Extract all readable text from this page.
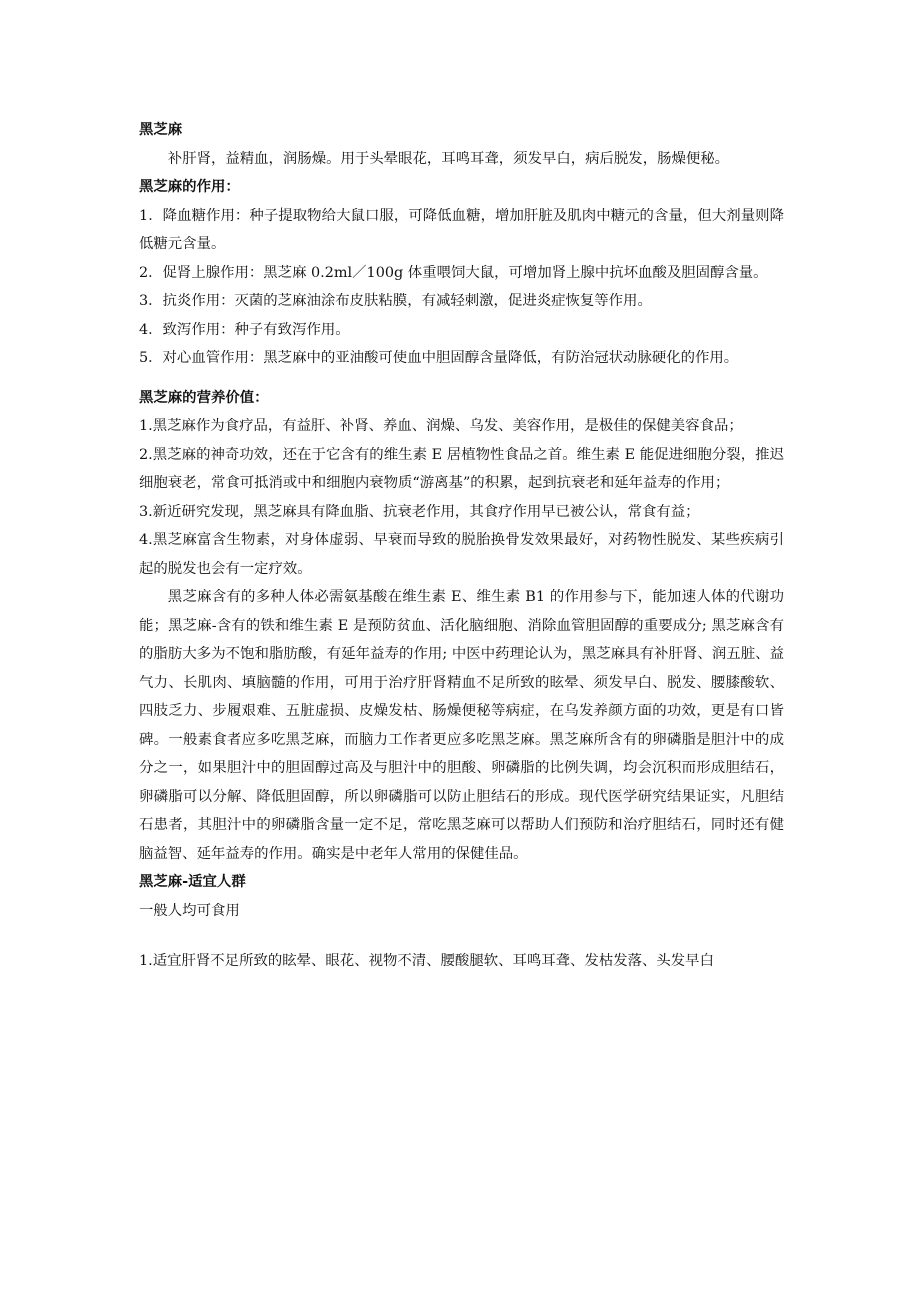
黑芝麻

补肝肾，益精血，润肠燥。用于头晕眼花，耳鸣耳聋，须发早白，病后脱发，肠燥便秘。

黑芝麻的作用：

1．降血糖作用：种子提取物给大鼠口服，可降低血糖，增加肝脏及肌肉中糖元的含量，但大剂量则降低糖元含量。

2．促肾上腺作用：黑芝麻 0.2ml／100g 体重喂饲大鼠，可增加肾上腺中抗坏血酸及胆固醇含量。

3．抗炎作用：灭菌的芝麻油涂布皮肤粘膜，有减轻刺激，促进炎症恢复等作用。

4．致泻作用：种子有致泻作用。

5．对心血管作用：黑芝麻中的亚油酸可使血中胆固醇含量降低，有防治冠状动脉硬化的作用。

黑芝麻的营养价值：

1.黑芝麻作为食疗品，有益肝、补肾、养血、润燥、乌发、美容作用，是极佳的保健美容食品；

2.黑芝麻的神奇功效，还在于它含有的维生素 E 居植物性食品之首。维生素 E 能促进细胞分裂，推迟细胞衰老，常食可抵消或中和细胞内衰物质“游离基”的积累，起到抗衰老和延年益寿的作用；

3.新近研究发现，黑芝麻具有降血脂、抗衰老作用，其食疗作用早已被公认，常食有益；

4.黑芝麻富含生物素，对身体虚弱、早衰而导致的脱胎换骨发效果最好，对药物性脱发、某些疾病引起的脱发也会有一定疗效。

黑芝麻含有的多种人体必需氨基酸在维生素 E、维生素 B1 的作用参与下，能加速人体的代谢功能；黑芝麻-含有的铁和维生素 E 是预防贫血、活化脑细胞、消除血管胆固醇的重要成分; 黑芝麻含有的脂肪大多为不饱和脂肪酸，有延年益寿的作用; 中医中药理论认为，黑芝麻具有补肝肾、润五脏、益气力、长肌肉、填脑髓的作用，可用于治疗肝肾精血不足所致的眩晕、须发早白、脱发、腰膝酸软、四肢乏力、步履艰难、五脏虚损、皮燥发枯、肠燥便秘等病症，在乌发养颜方面的功效，更是有口皆碑。一般素食者应多吃黑芝麻，而脑力工作者更应多吃黑芝麻。黑芝麻所含有的卵磷脂是胆汁中的成分之一，如果胆汁中的胆固醇过高及与胆汁中的胆酸、卵磷脂的比例失调，均会沉积而形成胆结石，卵磷脂可以分解、降低胆固醇，所以卵磷脂可以防止胆结石的形成。现代医学研究结果证实，凡胆结石患者，其胆汁中的卵磷脂含量一定不足，常吃黑芝麻可以帮助人们预防和治疗胆结石，同时还有健脑益智、延年益寿的作用。确实是中老年人常用的保健佳品。

黑芝麻-适宜人群

一般人均可食用

1.适宜肝肾不足所致的眩晕、眼花、视物不清、腰酸腿软、耳鸣耳聋、发枯发落、头发早白
